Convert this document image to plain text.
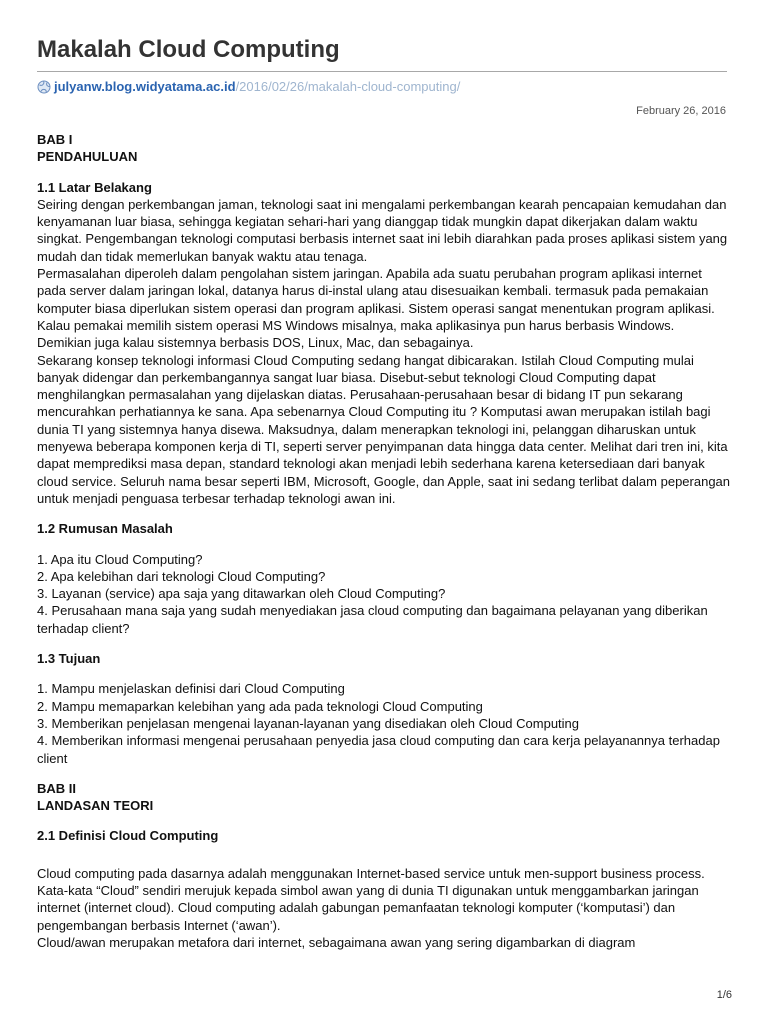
Makalah Cloud Computing
julyanw.blog.widyatama.ac.id /2016/02/26/makalah-cloud-computing/
February 26, 2016

BAB I

PENDAHULUAN

1.1 Latar Belakang

Seiring dengan perkembangan jaman, teknologi saat ini mengalami perkembangan kearah pencapaian kemudahan dan kenyamanan luar biasa, sehingga kegiatan sehari-hari yang dianggap tidak mungkin dapat dikerjakan dalam waktu singkat. Pengembangan teknologi computasi berbasis internet saat ini lebih diarahkan pada proses aplikasi sistem yang mudah dan tidak memerlukan banyak waktu atau tenaga.

Permasalahan diperoleh dalam pengolahan sistem jaringan. Apabila ada suatu perubahan program aplikasi internet pada server dalam jaringan lokal, datanya harus di-instal ulang atau disesuaikan kembali. termasuk pada pemakaian komputer biasa diperlukan sistem operasi dan program aplikasi. Sistem operasi sangat menentukan program aplikasi. Kalau pemakai memilih sistem operasi MS Windows misalnya, maka aplikasinya pun harus berbasis Windows. Demikian juga kalau sistemnya berbasis DOS, Linux, Mac, dan sebagainya.

Sekarang konsep teknologi informasi Cloud Computing sedang hangat dibicarakan. Istilah Cloud Computing mulai banyak didengar dan perkembangannya sangat luar biasa. Disebut-sebut teknologi Cloud Computing dapat menghilangkan permasalahan yang dijelaskan diatas. Perusahaan-perusahaan besar di bidang IT pun sekarang mencurahkan perhatiannya ke sana. Apa sebenarnya Cloud Computing itu ? Komputasi awan merupakan istilah bagi dunia TI yang sistemnya hanya disewa. Maksudnya, dalam menerapkan teknologi ini, pelanggan diharuskan untuk menyewa beberapa komponen kerja di TI, seperti server penyimpanan data hingga data center. Melihat dari tren ini, kita dapat memprediksi masa depan, standard teknologi akan menjadi lebih sederhana karena ketersediaan dari banyak cloud service. Seluruh nama besar seperti IBM, Microsoft, Google, dan Apple, saat ini sedang terlibat dalam peperangan untuk menjadi penguasa terbesar terhadap teknologi awan ini.

1.2 Rumusan Masalah

1. Apa itu Cloud Computing?

2. Apa kelebihan dari teknologi Cloud Computing?

3. Layanan (service) apa saja yang ditawarkan oleh Cloud Computing?

4. Perusahaan mana saja yang sudah menyediakan jasa cloud computing dan bagaimana pelayanan yang diberikan terhadap client?

1.3 Tujuan

1. Mampu menjelaskan definisi dari Cloud Computing

2. Mampu memaparkan kelebihan yang ada pada teknologi Cloud Computing

3. Memberikan penjelasan mengenai layanan-layanan yang disediakan oleh Cloud Computing

4. Memberikan informasi mengenai perusahaan penyedia jasa cloud computing dan cara kerja pelayanannya terhadap client

BAB II

LANDASAN TEORI

2.1 Definisi Cloud Computing

Cloud computing pada dasarnya adalah menggunakan Internet-based service untuk men-support business process. Kata-kata “Cloud” sendiri merujuk kepada simbol awan yang di dunia TI digunakan untuk menggambarkan jaringan internet (internet cloud). Cloud computing adalah gabungan pemanfaatan teknologi komputer (‘komputasi’) dan pengembangan berbasis Internet (‘awan’).

Cloud/awan merupakan metafora dari internet, sebagaimana awan yang sering digambarkan di diagram

1/6
